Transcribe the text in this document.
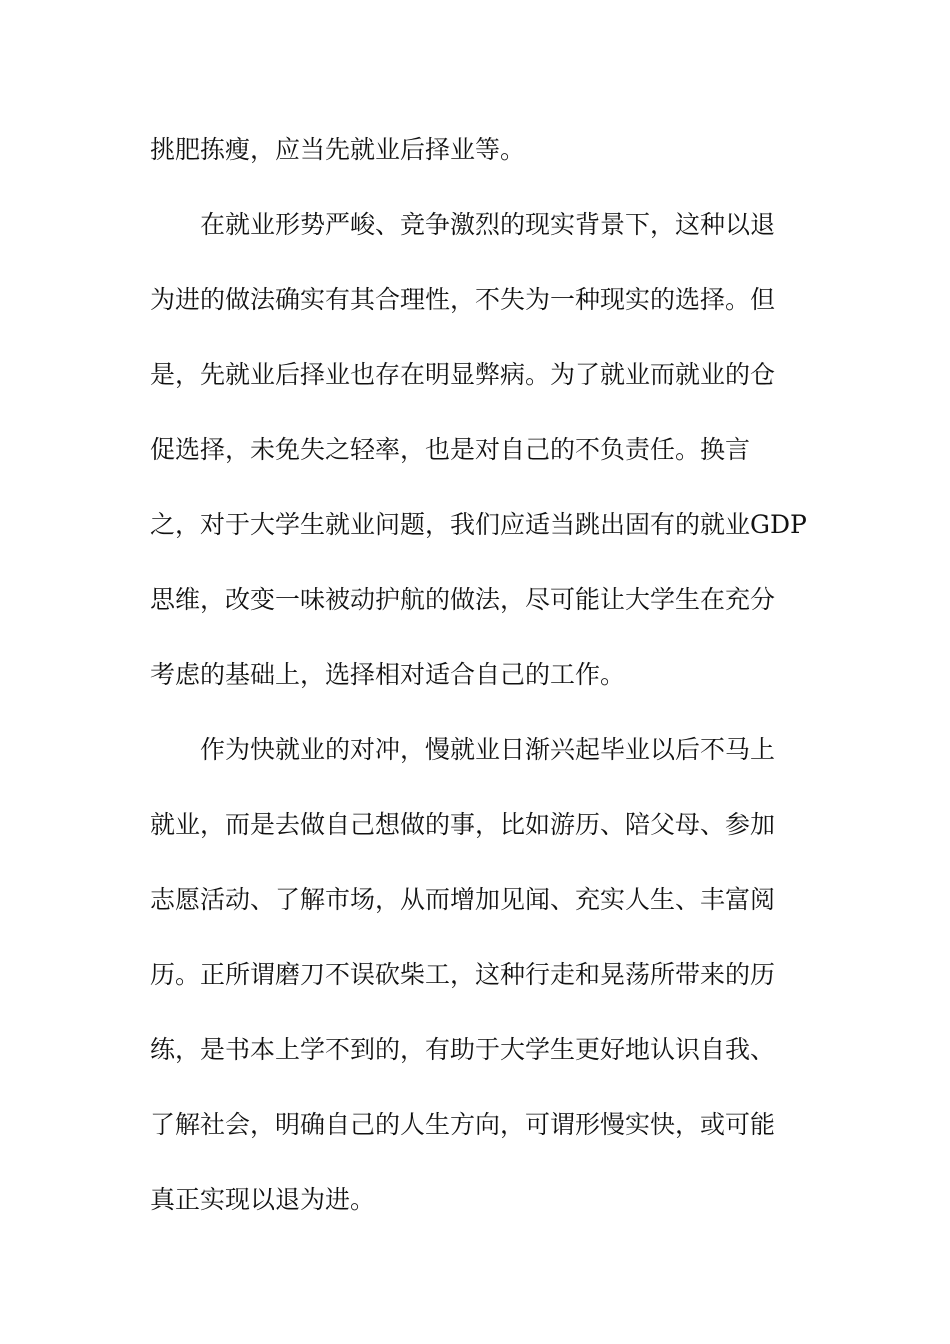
挑肥拣瘦，应当先就业后择业等。
在就业形势严峻、竞争激烈的现实背景下，这种以退
为进的做法确实有其合理性，不失为一种现实的选择。但
是，先就业后择业也存在明显弊病。为了就业而就业的仓
促选择，未免失之轻率，也是对自己的不负责任。换言
之，对于大学生就业问题，我们应适当跳出固有的就业GDP
思维，改变一味被动护航的做法，尽可能让大学生在充分
考虑的基础上，选择相对适合自己的工作。
作为快就业的对冲，慢就业日渐兴起毕业以后不马上
就业，而是去做自己想做的事，比如游历、陪父母、参加
志愿活动、了解市场，从而增加见闻、充实人生、丰富阅
历。正所谓磨刀不误砍柴工，这种行走和晃荡所带来的历
练，是书本上学不到的，有助于大学生更好地认识自我、
了解社会，明确自己的人生方向，可谓形慢实快，或可能
真正实现以退为进。
